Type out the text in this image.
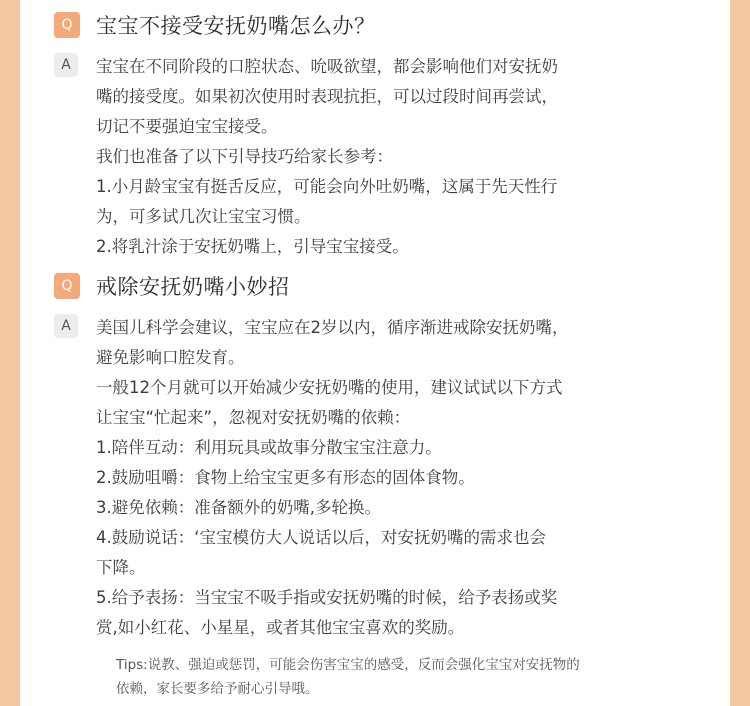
Q	宝宝不接受安抚奶嘴怎么办？
A	宝宝在不同阶段的口腔状态、吮吸欲望，都会影响他们对安抚奶

嘴的接受度。如果初次使用时表现抗拒，可以过段时间再尝试，

切记不要强迫宝宝接受。

我们也准备了以下引导技巧给家长参考：

1.小月龄宝宝有挺舌反应，可能会向外吐奶嘴，这属于先天性行

为，可多试几次让宝宝习惯。

2.将乳汁涂于安抚奶嘴上，引导宝宝接受。

Q	戒除安抚奶嘴小妙招
A	美国儿科学会建议，宝宝应在2岁以内，循序渐进戒除安抚奶嘴，

避免影响口腔发育。

一般12个月就可以开始减少安抚奶嘴的使用，建议试试以下方式

让宝宝“忙起来”，忽视对安抚奶嘴的依赖：

1.陪伴互动：利用玩具或故事分散宝宝注意力。

2.鼓励咀嚼：食物上给宝宝更多有形态的固体食物。

3.避免依赖：准备额外的奶嘴,多轮换。

4.鼓励说话：‘宝宝模仿大人说话以后，对安抚奶嘴的需求也会

下降。

5.给予表扬：当宝宝不吸手指或安抚奶嘴的时候，给予表扬或奖

赏,如小红花、小星星，或者其他宝宝喜欢的奖励。

Tips:说教、强迫或惩罚，可能会伤害宝宝的感受，反而会强化宝宝对安抚物的
依赖，家长要多给予耐心引导哦。
